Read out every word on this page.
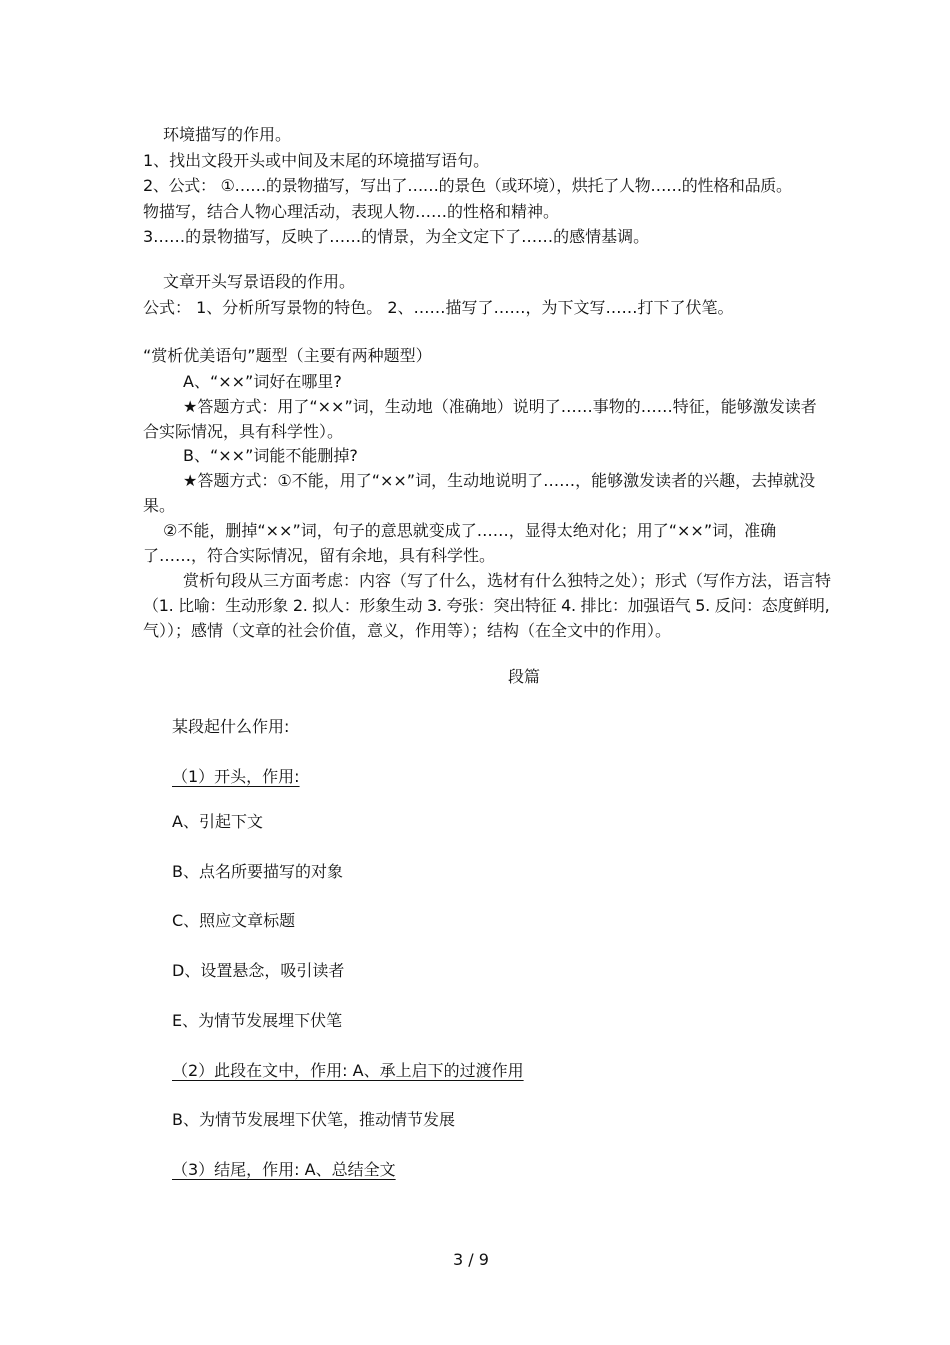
环境描写的作用。
1、找出文段开头或中间及末尾的环境描写语句。
2、公式： ①……的景物描写，写出了……的景色（或环境），烘托了人物……的性格和品质。
物描写，结合人物心理活动，表现人物……的性格和精神。
3……的景物描写，反映了……的情景，为全文定下了……的感情基调。
文章开头写景语段的作用。
公式： 1、分析所写景物的特色。 2、……描写了……，为下文写……打下了伏笔。
“赏析优美语句”题型（主要有两种题型）
A、“××”词好在哪里?
★答题方式：用了“××”词，生动地（准确地）说明了……事物的……特征，能够激发读者
合实际情况，具有科学性）。
B、“××”词能不能删掉?
★答题方式：①不能，用了“××”词，生动地说明了……，能够激发读者的兴趣，去掉就没
果。
②不能，删掉“××”词，句子的意思就变成了……，显得太绝对化；用了“××”词，准确
了……，符合实际情况，留有余地，具有科学性。
赏析句段从三方面考虑：内容（写了什么，选材有什么独特之处）；形式（写作方法，语言特
（1. 比喻：生动形象 2. 拟人：形象生动 3. 夸张：突出特征 4. 排比：加强语气 5. 反问：态度鲜明,
气））；感情（文章的社会价值，意义，作用等）；结构（在全文中的作用）。
段篇
某段起什么作用:
（1）开头，作用:
A、引起下文
B、点名所要描写的对象
C、照应文章标题
D、设置悬念，吸引读者
E、为情节发展埋下伏笔
（2）此段在文中，作用: A、承上启下的过渡作用
B、为情节发展埋下伏笔，推动情节发展
（3）结尾，作用: A、总结全文
3 / 9
